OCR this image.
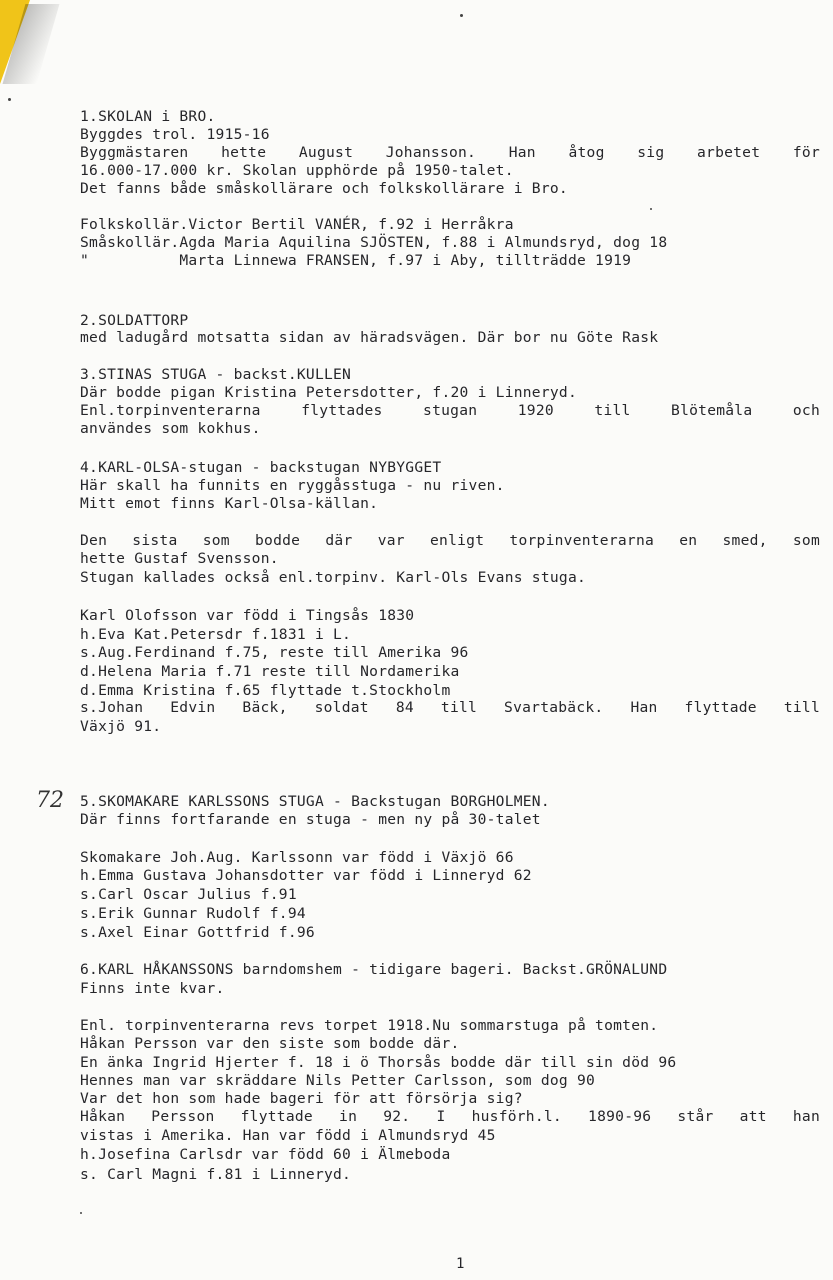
1.SKOLAN i BRO.
Byggdes trol. 1915-16
Byggmästaren hette August Johansson. Han åtog sig arbetet för
16.000-17.000 kr. Skolan upphörde på 1950-talet.
Det fanns både småskollärare och folkskollärare i Bro.
Folkskollär.Victor Bertil VANÉR, f.92 i Herråkra
Småskollär.Agda Maria Aquilina SJÖSTEN, f.88 i Almundsryd, dog 18
"          Marta Linnewa FRANSEN, f.97 i Aby, tillträdde 1919
2.SOLDATTORP
med ladugård motsatta sidan av häradsvägen. Där bor nu Göte Rask
3.STINAS STUGA - backst.KULLEN
Där bodde pigan Kristina Petersdotter, f.20 i Linneryd.
Enl.torpinventerarna flyttades stugan 1920 till Blötemåla och
användes som kokhus.
4.KARL-OLSA-stugan - backstugan NYBYGGET
Här skall ha funnits en ryggåsstuga - nu riven.
Mitt emot finns Karl-Olsa-källan.
Den sista som bodde där var enligt torpinventerarna en smed, som
hette Gustaf Svensson.
Stugan kallades också enl.torpinv. Karl-Ols Evans stuga.
Karl Olofsson var född i Tingsås 1830
h.Eva Kat.Petersdr f.1831 i L.
s.Aug.Ferdinand f.75, reste till Amerika 96
d.Helena Maria f.71 reste till Nordamerika
d.Emma Kristina f.65 flyttade t.Stockholm
s.Johan Edvin Bäck, soldat 84 till Svartabäck. Han flyttade till
Växjö 91.
72 5.SKOMAKARE KARLSSONS STUGA - Backstugan BORGHOLMEN.
Där finns fortfarande en stuga - men ny på 30-talet
Skomakare Joh.Aug. Karlssonn var född i Växjö 66
h.Emma Gustava Johansdotter var född i Linneryd 62
s.Carl Oscar Julius f.91
s.Erik Gunnar Rudolf f.94
s.Axel Einar Gottfrid f.96
6.KARL HÅKANSSONS barndomshem - tidigare bageri. Backst.GRÖNALUND
Finns inte kvar.
Enl. torpinventerarna revs torpet 1918.Nu sommarstuga på tomten.
Håkan Persson var den siste som bodde där.
En änka Ingrid Hjerter f. 18 i ö Thorsås bodde där till sin död 96
Hennes man var skräddare Nils Petter Carlsson, som dog 90
Var det hon som hade bageri för att försörja sig?
Håkan Persson flyttade in 92. I husförh.l. 1890-96 står att han
vistas i Amerika. Han var född i Almundsryd 45
h.Josefina Carlsdr var född 60 i Älmeboda
s. Carl Magni f.81 i Linneryd.
1
